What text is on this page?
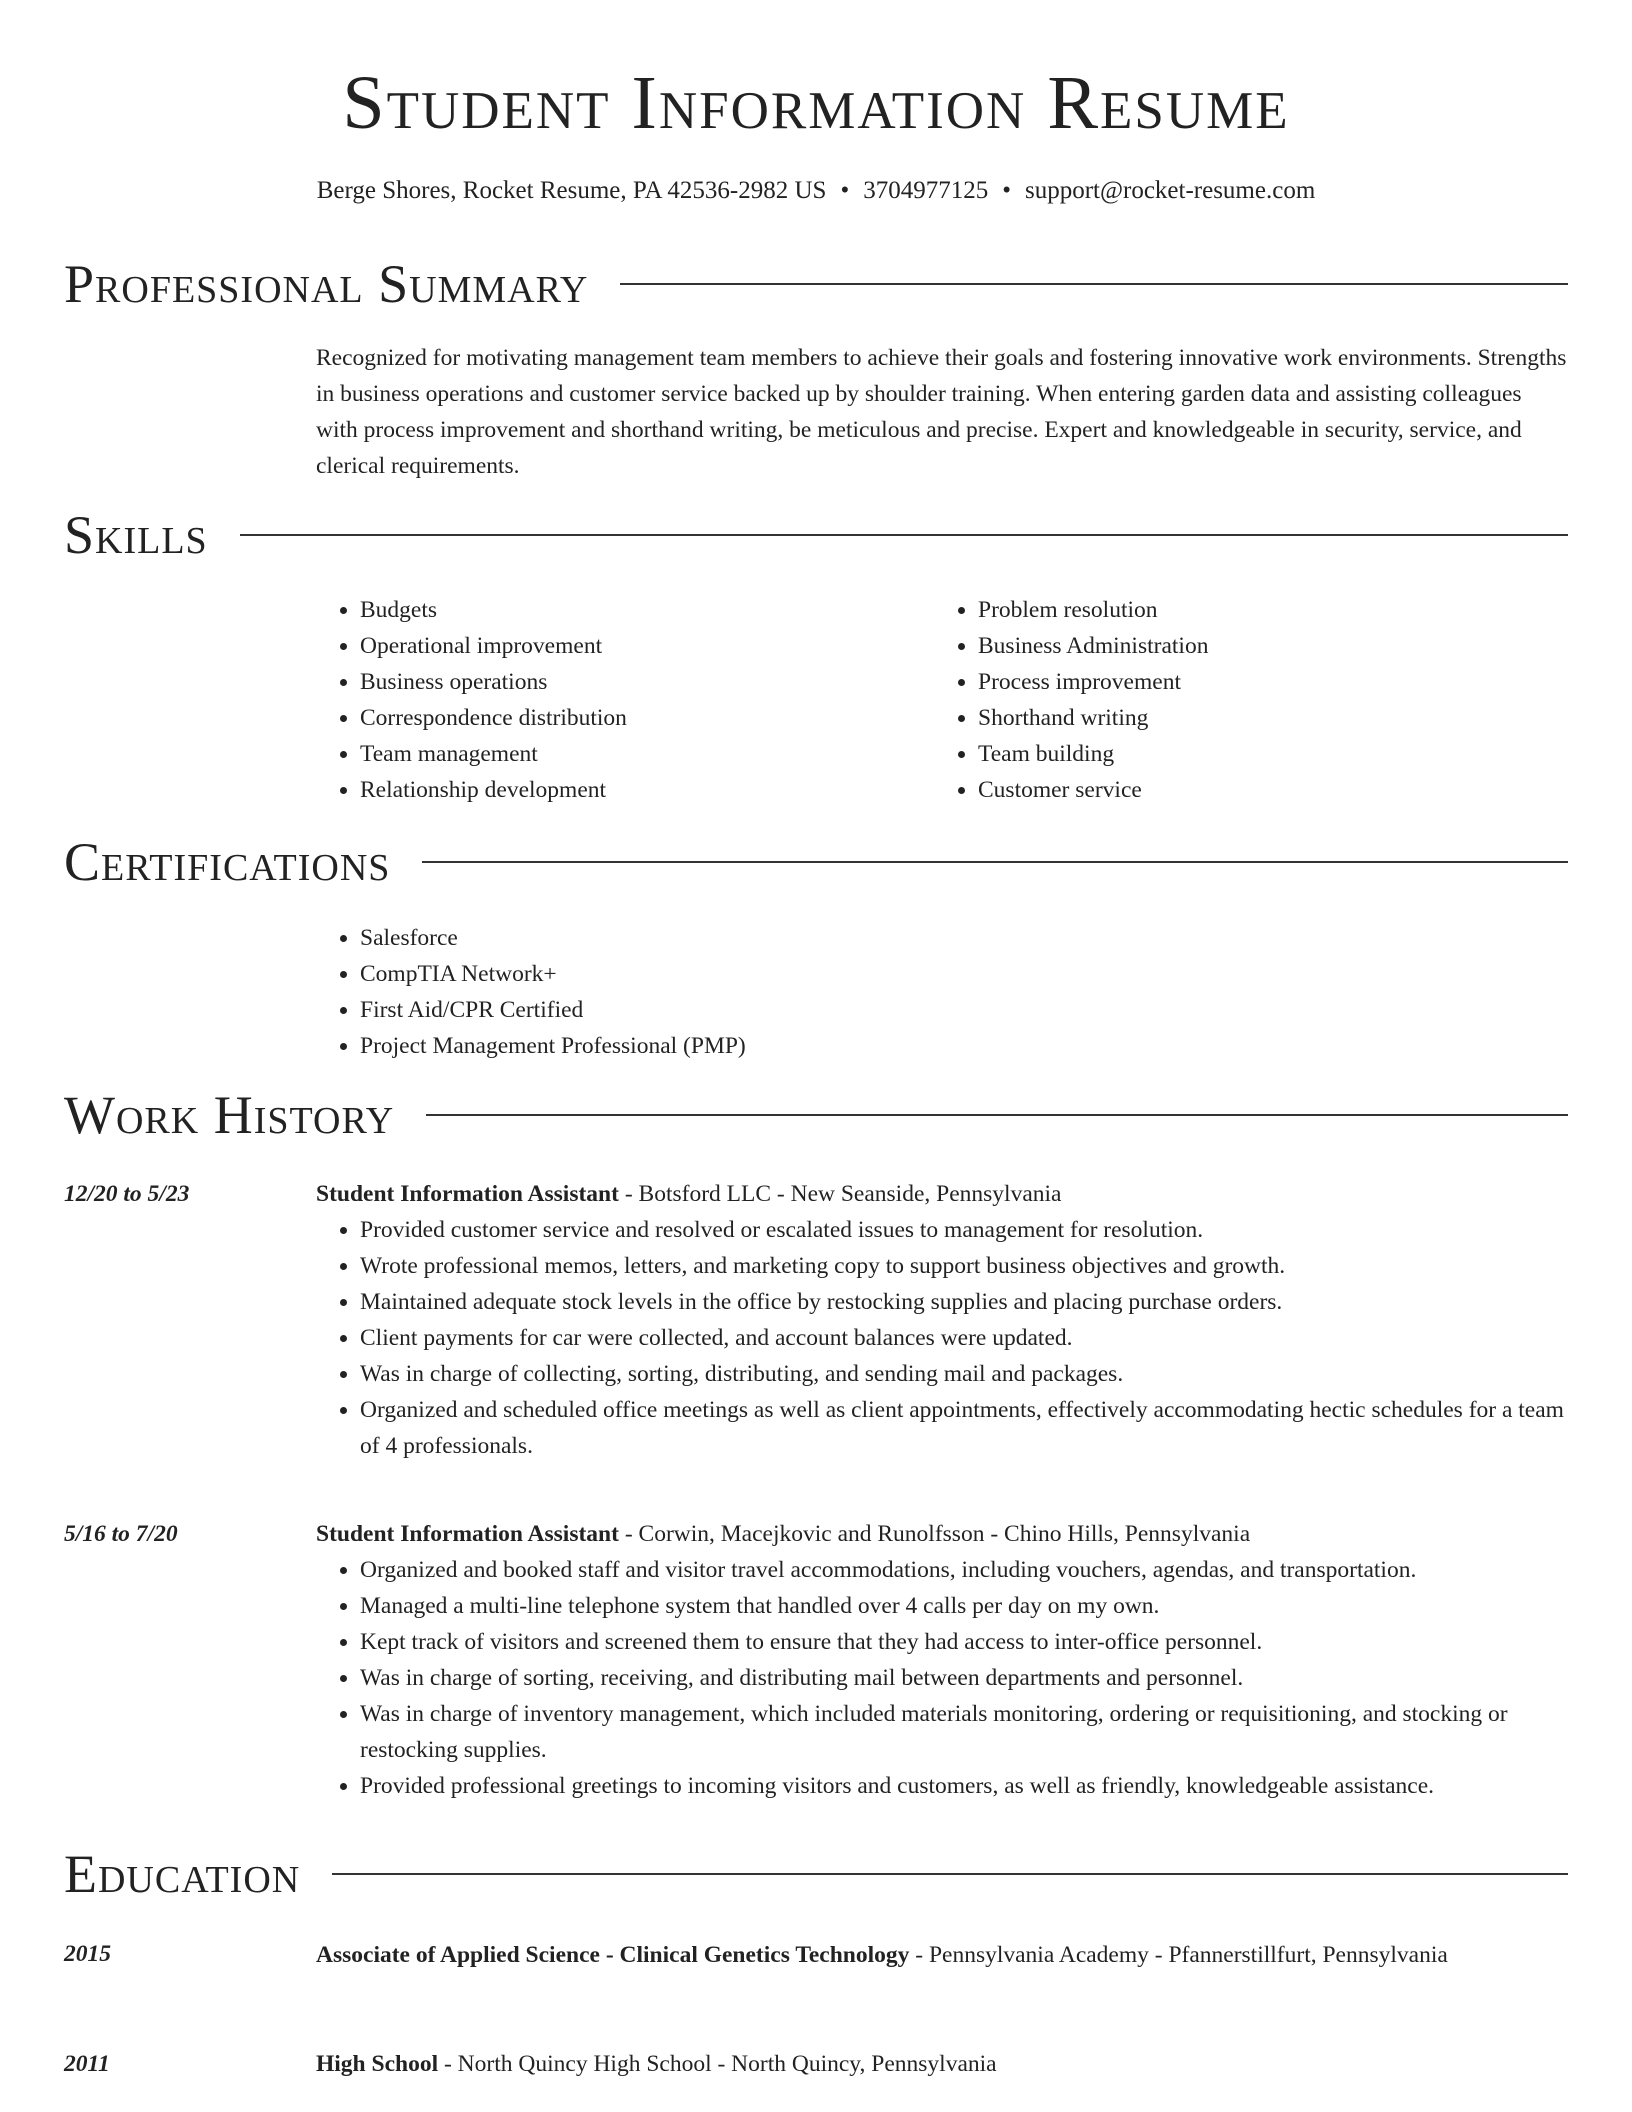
Student Information Resume
Berge Shores, Rocket Resume, PA 42536-2982 US • 3704977125 • support@rocket-resume.com
Professional Summary
Recognized for motivating management team members to achieve their goals and fostering innovative work environments. Strengths in business operations and customer service backed up by shoulder training. When entering garden data and assisting colleagues with process improvement and shorthand writing, be meticulous and precise. Expert and knowledgeable in security, service, and clerical requirements.
Skills
• Budgets
• Operational improvement
• Business operations
• Correspondence distribution
• Team management
• Relationship development
• Problem resolution
• Business Administration
• Process improvement
• Shorthand writing
• Team building
• Customer service
Certifications
• Salesforce
• CompTIA Network+
• First Aid/CPR Certified
• Project Management Professional (PMP)
Work History
12/20 to 5/23	Student Information Assistant - Botsford LLC - New Seanside, Pennsylvania
• Provided customer service and resolved or escalated issues to management for resolution.
• Wrote professional memos, letters, and marketing copy to support business objectives and growth.
• Maintained adequate stock levels in the office by restocking supplies and placing purchase orders.
• Client payments for car were collected, and account balances were updated.
• Was in charge of collecting, sorting, distributing, and sending mail and packages.
• Organized and scheduled office meetings as well as client appointments, effectively accommodating hectic schedules for a team of 4 professionals.
5/16 to 7/20	Student Information Assistant - Corwin, Macejkovic and Runolfsson - Chino Hills, Pennsylvania
• Organized and booked staff and visitor travel accommodations, including vouchers, agendas, and transportation.
• Managed a multi-line telephone system that handled over 4 calls per day on my own.
• Kept track of visitors and screened them to ensure that they had access to inter-office personnel.
• Was in charge of sorting, receiving, and distributing mail between departments and personnel.
• Was in charge of inventory management, which included materials monitoring, ordering or requisitioning, and stocking or restocking supplies.
• Provided professional greetings to incoming visitors and customers, as well as friendly, knowledgeable assistance.
Education
2015	Associate of Applied Science - Clinical Genetics Technology - Pennsylvania Academy - Pfannerstillfurt, Pennsylvania
2011	High School - North Quincy High School - North Quincy, Pennsylvania
